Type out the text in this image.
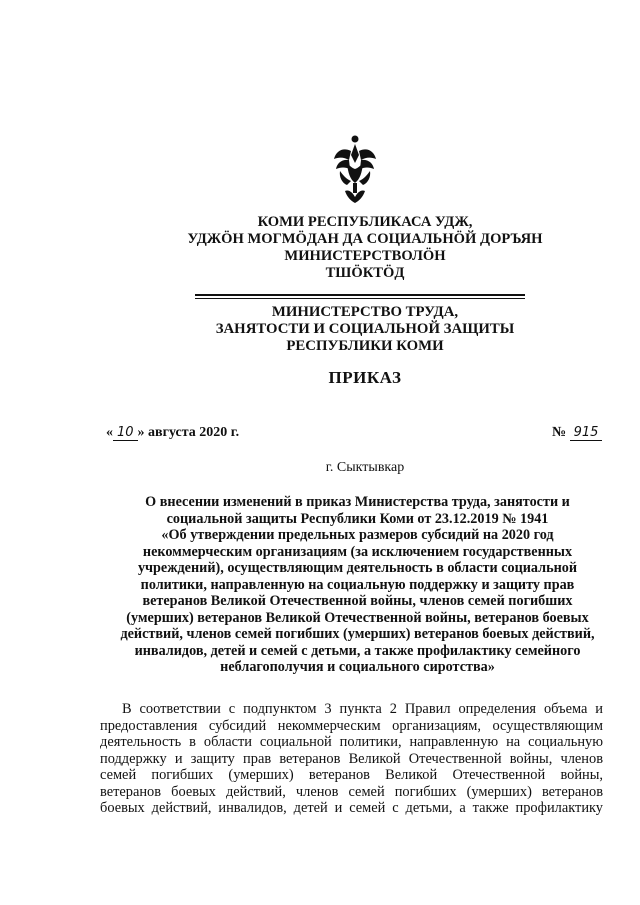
КОМИ РЕСПУБЛИКАСА УДЖ,
УДЖӦН МОГМӦДАН ДА СОЦИАЛЬНӦЙ ДОРЪЯН
МИНИСТЕРСТВОЛӦН
ТШӦКТӦД
МИНИСТЕРСТВО ТРУДА,
ЗАНЯТОСТИ И СОЦИАЛЬНОЙ ЗАЩИТЫ
РЕСПУБЛИКИ КОМИ
ПРИКАЗ
« 10 » августа 2020 г.	№ 915
г. Сыктывкар
О внесении изменений в приказ Министерства труда, занятости и
социальной защиты Республики Коми от 23.12.2019 № 1941
«Об утверждении предельных размеров субсидий на 2020 год
некоммерческим организациям (за исключением государственных
учреждений), осуществляющим деятельность в области социальной
политики, направленную на социальную поддержку и защиту прав
ветеранов Великой Отечественной войны, членов семей погибших
(умерших) ветеранов Великой Отечественной войны, ветеранов боевых
действий, членов семей погибших (умерших) ветеранов боевых действий,
инвалидов, детей и семей с детьми, а также профилактику семейного
неблагополучия и социального сиротства»
В соответствии с подпунктом 3 пункта 2 Правил определения объема и
предоставления субсидий некоммерческим организациям, осуществляющим
деятельность в области социальной политики, направленную на социальную
поддержку и защиту прав ветеранов Великой Отечественной войны, членов
семей погибших (умерших) ветеранов Великой Отечественной войны,
ветеранов боевых действий, членов семей погибших (умерших) ветеранов
боевых действий, инвалидов, детей и семей с детьми, а также профилактику
